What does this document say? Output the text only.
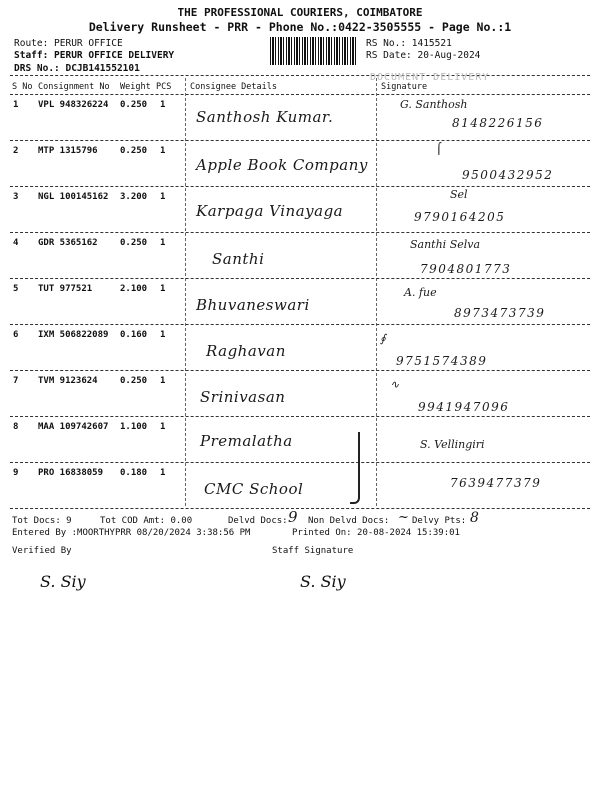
THE PROFESSIONAL COURIERS, COIMBATORE
Delivery Runsheet - PRR - Phone No.:0422-3505555 - Page No.:1
Route: PERUR OFFICE
Staff: PERUR OFFICE DELIVERY
DRS No.: DCJB141552101
RS No.: 1415521
RS Date: 20-Aug-2024
S No Consignment No Weight PCS Consignee Details	Signature
DOCUMENT DELIVERY
1 VPL 948326224 0.250 1
Santhosh Kumar.
G. Santhosh
8148226156
2 MTP 1315796 0.250 1
Apple Book Company
⌠
9500432952
3 NGL 100145162 3.200 1
Karpaga Vinayaga
Sel
9790164205
4 GDR 5365162 0.250 1
Santhi
Santhi Selva
7904801773
5 TUT 977521	2.100 1
Bhuvaneswari
A. fue
8973473739
6 IXM 506822089 0.160 1
Raghavan
∮
9751574389
7 TVM 9123624 0.250 1
Srinivasan
∿
9941947096
8 MAA 109742607 1.100 1
Premalatha	S. Vellingiri
9 PRO 16838059 0.180 1
CMC School	7639477379
Tot Docs: 9	Tot COD Amt: 0.00	Delvd Docs: 9 Non Delvd Docs: ~ Delvy Pts: 8
Entered By :MOORTHYPRR 08/20/2024 3:38:56 PM	Printed On: 20-08-2024 15:39:01
Verified By	Staff Signature
S. Siy	S. Siy
